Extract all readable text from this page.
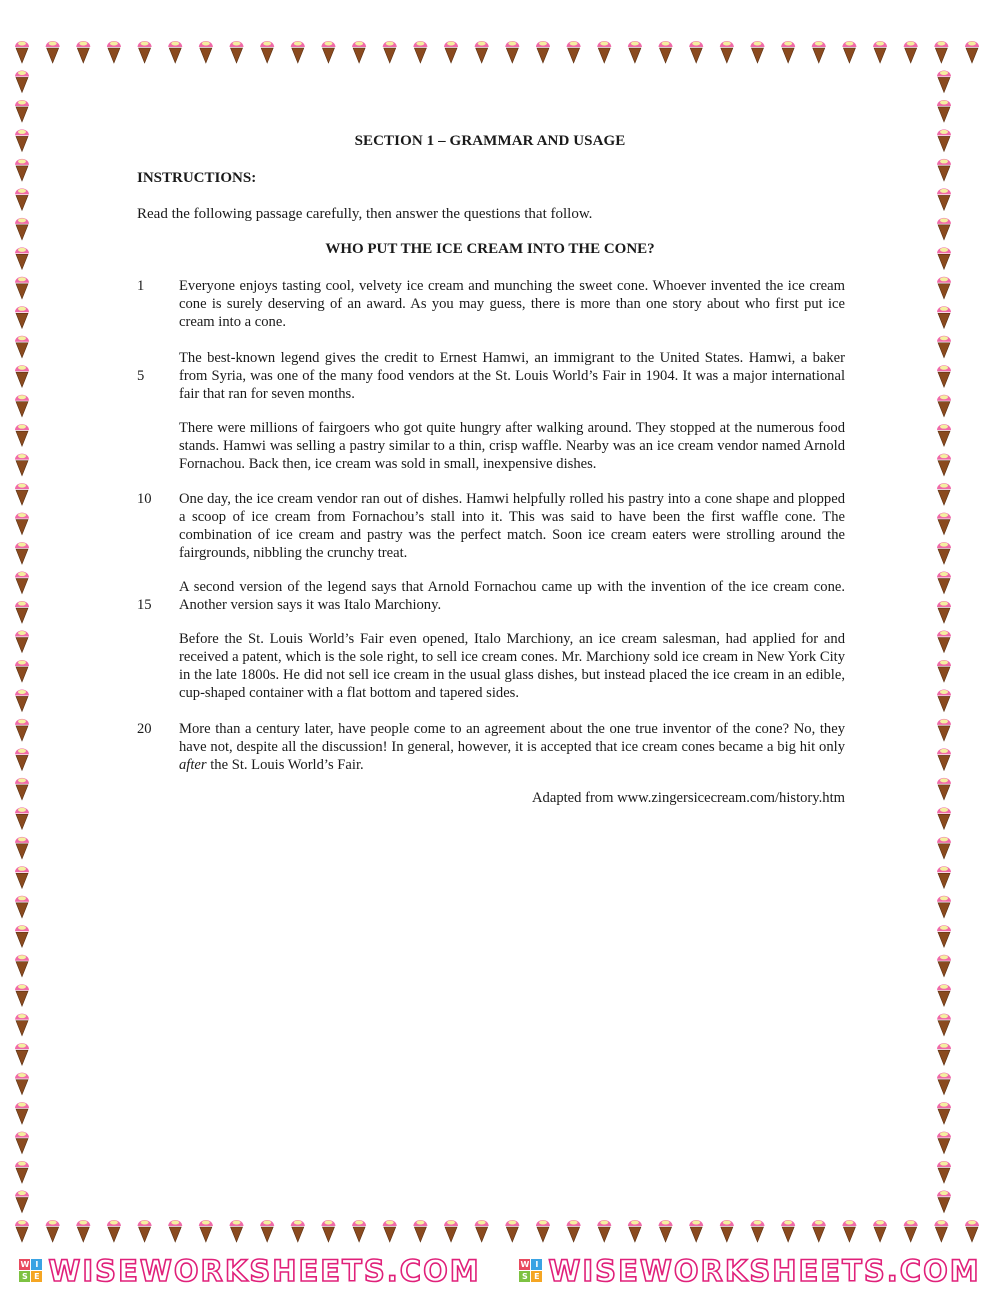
SECTION 1 – GRAMMAR AND USAGE
INSTRUCTIONS:
Read the following passage carefully, then answer the questions that follow.
WHO PUT THE ICE CREAM INTO THE CONE?
1 Everyone enjoys tasting cool, velvety ice cream and munching the sweet cone. Whoever invented the ice cream cone is surely deserving of an award. As you may guess, there is more than one story about who first put ice cream into a cone.
5
The best-known legend gives the credit to Ernest Hamwi, an immigrant to the United States. Hamwi, a baker from Syria, was one of the many food vendors at the St. Louis World’s Fair in 1904. It was a major international fair that ran for seven months.
There were millions of fairgoers who got quite hungry after walking around. They stopped at the numerous food stands. Hamwi was selling a pastry similar to a thin, crisp waffle. Nearby was an ice cream vendor named Arnold Fornachou. Back then, ice cream was sold in small, inexpensive dishes.
10 One day, the ice cream vendor ran out of dishes. Hamwi helpfully rolled his pastry into a cone shape and plopped a scoop of ice cream from Fornachou’s stall into it. This was said to have been the first waffle cone. The combination of ice cream and pastry was the perfect match. Soon ice cream eaters were strolling around the fairgrounds, nibbling the crunchy treat.
15
A second version of the legend says that Arnold Fornachou came up with the invention of the ice cream cone. Another version says it was Italo Marchiony.
Before the St. Louis World’s Fair even opened, Italo Marchiony, an ice cream salesman, had applied for and received a patent, which is the sole right, to sell ice cream cones. Mr. Marchiony sold ice cream in New York City in the late 1800s. He did not sell ice cream in the usual glass dishes, but instead placed the ice cream in an edible, cup-shaped container with a flat bottom and tapered sides.
20 More than a century later, have people come to an agreement about the one true inventor of the cone? No, they have not, despite all the discussion! In general, however, it is accepted that ice cream cones became a big hit only after the St. Louis World’s Fair.
Adapted from www.zingersicecream.com/history.htm
W I
S E WISEWORKSHEETS.COM	W I
S E WISEWORKSHEETS.COM
